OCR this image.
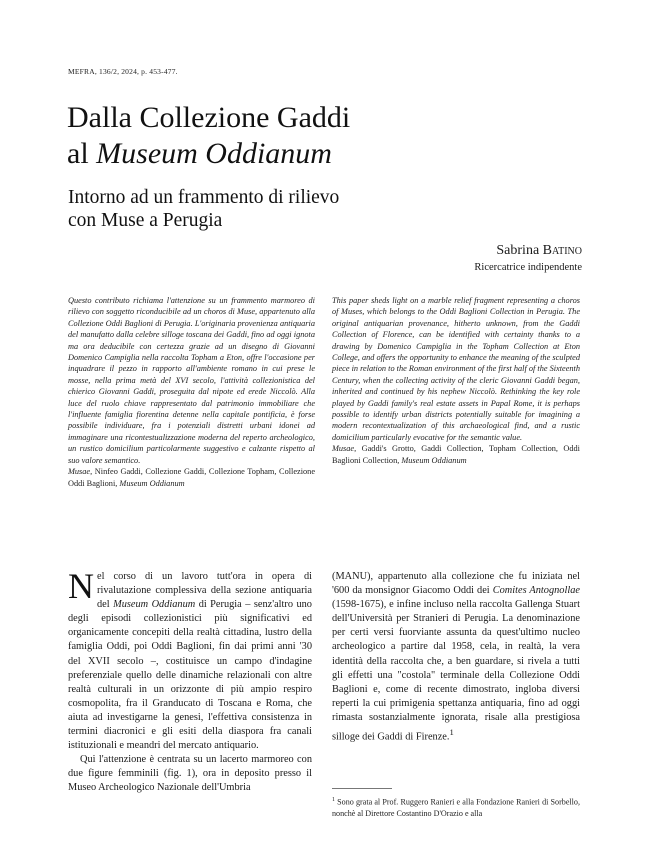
MEFRA, 136/2, 2024, p. 453-477.
Dalla Collezione Gaddi
al Museum Oddianum
Intorno ad un frammento di rilievo
con Muse a Perugia
Sabrina Batino
Ricercatrice indipendente

Questo contributo richiama l'attenzione su un frammento marmoreo di rilievo con soggetto riconducibile ad un choros di Muse, appartenuto alla Collezione Oddi Baglioni di Perugia. L'originaria provenienza antiquaria del manufatto dalla celebre silloge toscana dei Gaddi, fino ad oggi ignota ma ora deducibile con certezza grazie ad un disegno di Giovanni Domenico Campiglia nella raccolta Topham a Eton, offre l'occasione per inquadrare il pezzo in rapporto all'ambiente romano in cui prese le mosse, nella prima metà del XVI secolo, l'attività collezionistica del chierico Giovanni Gaddi, proseguita dal nipote ed erede Niccolò. Alla luce del ruolo chiave rappresentato dal patrimonio immobiliare che l'influente famiglia fiorentina detenne nella capitale pontificia, è forse possibile individuare, fra i potenziali distretti urbani idonei ad immaginare una ricontestualizzazione moderna del reperto archeologico, un rustico domicilium particolarmente suggestivo e calzante rispetto al suo valore semantico.

Musae, Ninfeo Gaddi, Collezione Gaddi, Collezione Topham, Collezione Oddi Baglioni, Museum Oddianum

This paper sheds light on a marble relief fragment representing a choros of Muses, which belongs to the Oddi Baglioni Collection in Perugia. The original antiquarian provenance, hitherto unknown, from the Gaddi Collection of Florence, can be identified with certainty thanks to a drawing by Domenico Campiglia in the Topham Collection at Eton College, and offers the opportunity to enhance the meaning of the sculpted piece in relation to the Roman environment of the first half of the Sixteenth Century, when the collecting activity of the cleric Giovanni Gaddi began, inherited and continued by his nephew Niccolò. Rethinking the key role played by Gaddi family's real estate assets in Papal Rome, it is perhaps possible to identify urban districts potentially suitable for imagining a modern recontextualization of this archaeological find, and a rustic domicilium particularly evocative for the semantic value.

Musae, Gaddi's Grotto, Gaddi Collection, Topham Collection, Oddi Baglioni Collection, Museum Oddianum

Nel corso di un lavoro tutt'ora in opera di rivalutazione complessiva della sezione antiquaria del Museum Oddianum di Perugia – senz'altro uno degli episodi collezionistici più significativi ed organicamente concepiti della realtà cittadina, lustro della famiglia Oddi, poi Oddi Baglioni, fin dai primi anni '30 del XVII secolo –, costituisce un campo d'indagine preferenziale quello delle dinamiche relazionali con altre realtà culturali in un orizzonte di più ampio respiro cosmopolita, fra il Granducato di Toscana e Roma, che aiuta ad investigarne la genesi, l'effettiva consistenza in termini diacronici e gli esiti della diaspora fra canali istituzionali e meandri del mercato antiquario.

Qui l'attenzione è centrata su un lacerto marmoreo con due figure femminili (fig. 1), ora in deposito presso il Museo Archeologico Nazionale dell'Umbria

(MANU), appartenuto alla collezione che fu iniziata nel '600 da monsignor Giacomo Oddi dei Comites Antognollae (1598-1675), e infine incluso nella raccolta Gallenga Stuart dell'Università per Stranieri di Perugia. La denominazione per certi versi fuorviante assunta da quest'ultimo nucleo archeologico a partire dal 1958, cela, in realtà, la vera identità della raccolta che, a ben guardare, si rivela a tutti gli effetti una "costola" terminale della Collezione Oddi Baglioni e, come di recente dimostrato, ingloba diversi reperti la cui primigenia spettanza antiquaria, fino ad oggi rimasta sostanzialmente ignorata, risale alla prestigiosa silloge dei Gaddi di Firenze.$^1$

$^1$ Sono grata al Prof. Ruggero Ranieri e alla Fondazione Ranieri di Sorbello, nonchè al Direttore Costantino D'Orazio e alla
